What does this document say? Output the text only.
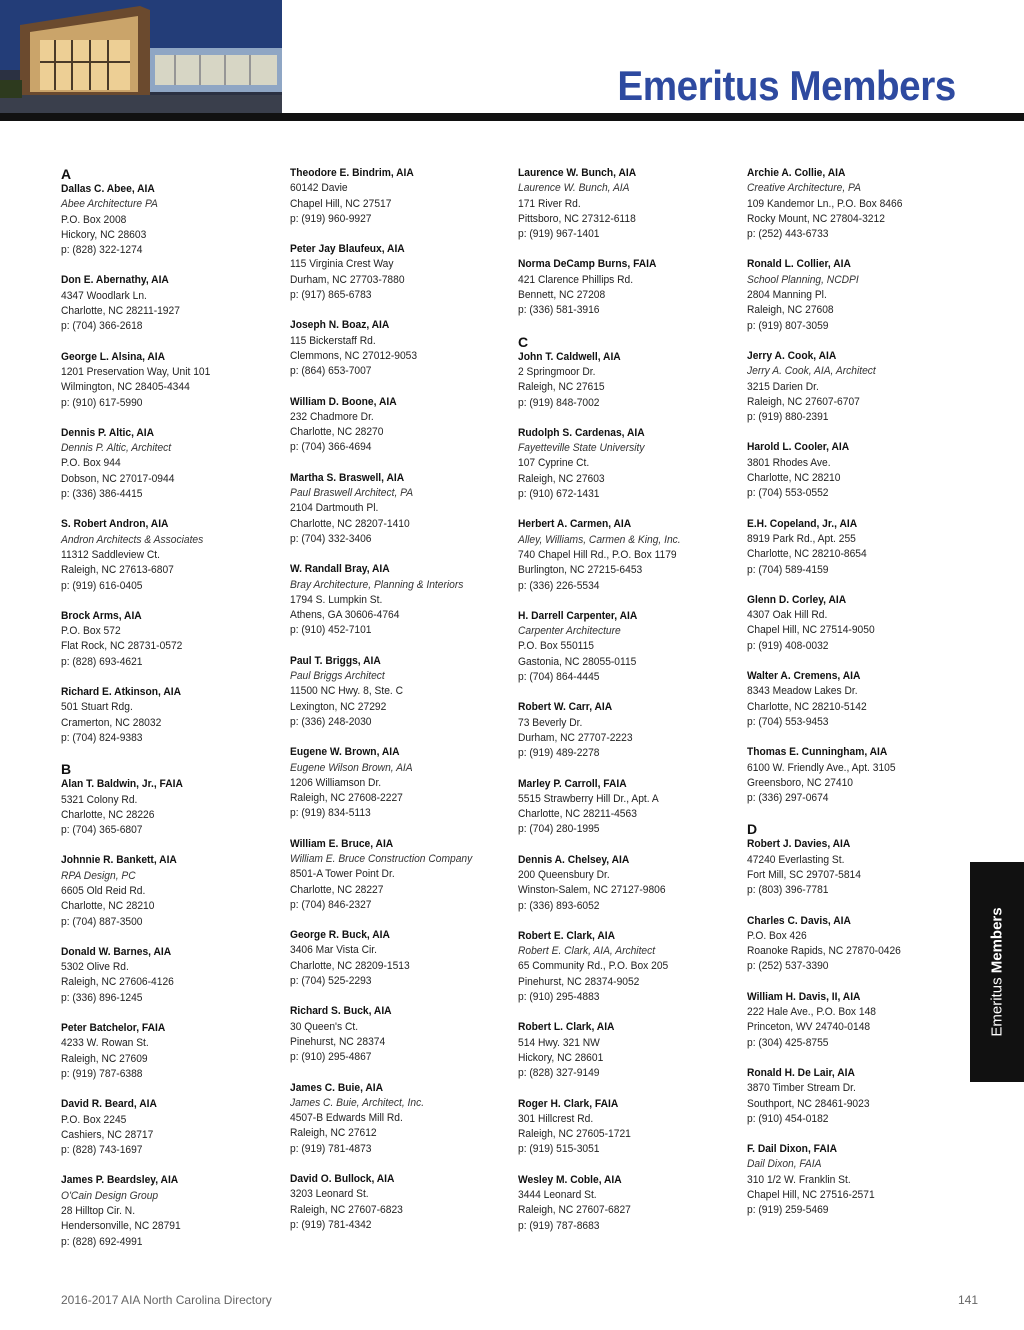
Emeritus Members
A
Dallas C. Abee, AIA
Abee Architecture PA
P.O. Box 2008
Hickory, NC 28603
p: (828) 322-1274
Don E. Abernathy, AIA
4347 Woodlark Ln.
Charlotte, NC 28211-1927
p: (704) 366-2618
George L. Alsina, AIA
1201 Preservation Way, Unit 101
Wilmington, NC 28405-4344
p: (910) 617-5990
Dennis P. Altic, AIA
Dennis P. Altic, Architect
P.O. Box 944
Dobson, NC 27017-0944
p: (336) 386-4415
S. Robert Andron, AIA
Andron Architects & Associates
11312 Saddleview Ct.
Raleigh, NC 27613-6807
p: (919) 616-0405
Brock Arms, AIA
P.O. Box 572
Flat Rock, NC 28731-0572
p: (828) 693-4621
Richard E. Atkinson, AIA
501 Stuart Rdg.
Cramerton, NC 28032
p: (704) 824-9383
B
Alan T. Baldwin, Jr., FAIA
5321 Colony Rd.
Charlotte, NC 28226
p: (704) 365-6807
Johnnie R. Bankett, AIA
RPA Design, PC
6605 Old Reid Rd.
Charlotte, NC 28210
p: (704) 887-3500
Donald W. Barnes, AIA
5302 Olive Rd.
Raleigh, NC 27606-4126
p: (336) 896-1245
Peter Batchelor, FAIA
4233 W. Rowan St.
Raleigh, NC 27609
p: (919) 787-6388
David R. Beard, AIA
P.O. Box 2245
Cashiers, NC 28717
p: (828) 743-1697
James P. Beardsley, AIA
O'Cain Design Group
28 Hilltop Cir. N.
Hendersonville, NC 28791
p: (828) 692-4991
Theodore E. Bindrim, AIA
60142 Davie
Chapel Hill, NC 27517
p: (919) 960-9927
Peter Jay Blaufeux, AIA
115 Virginia Crest Way
Durham, NC 27703-7880
p: (917) 865-6783
Joseph N. Boaz, AIA
115 Bickerstaff Rd.
Clemmons, NC 27012-9053
p: (864) 653-7007
William D. Boone, AIA
232 Chadmore Dr.
Charlotte, NC 28270
p: (704) 366-4694
Martha S. Braswell, AIA
Paul Braswell Architect, PA
2104 Dartmouth Pl.
Charlotte, NC 28207-1410
p: (704) 332-3406
W. Randall Bray, AIA
Bray Architecture, Planning & Interiors
1794 S. Lumpkin St.
Athens, GA 30606-4764
p: (910) 452-7101
Paul T. Briggs, AIA
Paul Briggs Architect
11500 NC Hwy. 8, Ste. C
Lexington, NC 27292
p: (336) 248-2030
Eugene W. Brown, AIA
Eugene Wilson Brown, AIA
1206 Williamson Dr.
Raleigh, NC 27608-2227
p: (919) 834-5113
William E. Bruce, AIA
William E. Bruce Construction Company
8501-A Tower Point Dr.
Charlotte, NC 28227
p: (704) 846-2327
George R. Buck, AIA
3406 Mar Vista Cir.
Charlotte, NC 28209-1513
p: (704) 525-2293
Richard S. Buck, AIA
30 Queen's Ct.
Pinehurst, NC 28374
p: (910) 295-4867
James C. Buie, AIA
James C. Buie, Architect, Inc.
4507-B Edwards Mill Rd.
Raleigh, NC 27612
p: (919) 781-4873
David O. Bullock, AIA
3203 Leonard St.
Raleigh, NC 27607-6823
p: (919) 781-4342
Laurence W. Bunch, AIA
Laurence W. Bunch, AIA
171 River Rd.
Pittsboro, NC 27312-6118
p: (919) 967-1401
Norma DeCamp Burns, FAIA
421 Clarence Phillips Rd.
Bennett, NC 27208
p: (336) 581-3916
C
John T. Caldwell, AIA
2 Springmoor Dr.
Raleigh, NC 27615
p: (919) 848-7002
Rudolph S. Cardenas, AIA
Fayetteville State University
107 Cyprine Ct.
Raleigh, NC 27603
p: (910) 672-1431
Herbert A. Carmen, AIA
Alley, Williams, Carmen & King, Inc.
740 Chapel Hill Rd., P.O. Box 1179
Burlington, NC 27215-6453
p: (336) 226-5534
H. Darrell Carpenter, AIA
Carpenter Architecture
P.O. Box 550115
Gastonia, NC 28055-0115
p: (704) 864-4445
Robert W. Carr, AIA
73 Beverly Dr.
Durham, NC 27707-2223
p: (919) 489-2278
Marley P. Carroll, FAIA
5515 Strawberry Hill Dr., Apt. A
Charlotte, NC 28211-4563
p: (704) 280-1995
Dennis A. Chelsey, AIA
200 Queensbury Dr.
Winston-Salem, NC 27127-9806
p: (336) 893-6052
Robert E. Clark, AIA
Robert E. Clark, AIA, Architect
65 Community Rd., P.O. Box 205
Pinehurst, NC 28374-9052
p: (910) 295-4883
Robert L. Clark, AIA
514 Hwy. 321 NW
Hickory, NC 28601
p: (828) 327-9149
Roger H. Clark, FAIA
301 Hillcrest Rd.
Raleigh, NC 27605-1721
p: (919) 515-3051
Wesley M. Coble, AIA
3444 Leonard St.
Raleigh, NC 27607-6827
p: (919) 787-8683
Archie A. Collie, AIA
Creative Architecture, PA
109 Kandemor Ln., P.O. Box 8466
Rocky Mount, NC 27804-3212
p: (252) 443-6733
Ronald L. Collier, AIA
School Planning, NCDPI
2804 Manning Pl.
Raleigh, NC 27608
p: (919) 807-3059
Jerry A. Cook, AIA
Jerry A. Cook, AIA, Architect
3215 Darien Dr.
Raleigh, NC 27607-6707
p: (919) 880-2391
Harold L. Cooler, AIA
3801 Rhodes Ave.
Charlotte, NC 28210
p: (704) 553-0552
E.H. Copeland, Jr., AIA
8919 Park Rd., Apt. 255
Charlotte, NC 28210-8654
p: (704) 589-4159
Glenn D. Corley, AIA
4307 Oak Hill Rd.
Chapel Hill, NC 27514-9050
p: (919) 408-0032
Walter A. Cremens, AIA
8343 Meadow Lakes Dr.
Charlotte, NC 28210-5142
p: (704) 553-9453
Thomas E. Cunningham, AIA
6100 W. Friendly Ave., Apt. 3105
Greensboro, NC 27410
p: (336) 297-0674
D
Robert J. Davies, AIA
47240 Everlasting St.
Fort Mill, SC 29707-5814
p: (803) 396-7781
Charles C. Davis, AIA
P.O. Box 426
Roanoke Rapids, NC 27870-0426
p: (252) 537-3390
William H. Davis, II, AIA
222 Hale Ave., P.O. Box 148
Princeton, WV 24740-0148
p: (304) 425-8755
Ronald H. De Lair, AIA
3870 Timber Stream Dr.
Southport, NC 28461-9023
p: (910) 454-0182
F. Dail Dixon, FAIA
Dail Dixon, FAIA
310 1/2 W. Franklin St.
Chapel Hill, NC 27516-2571
p: (919) 259-5469
Emeritus Members
2016-2017 AIA North Carolina Directory	141
